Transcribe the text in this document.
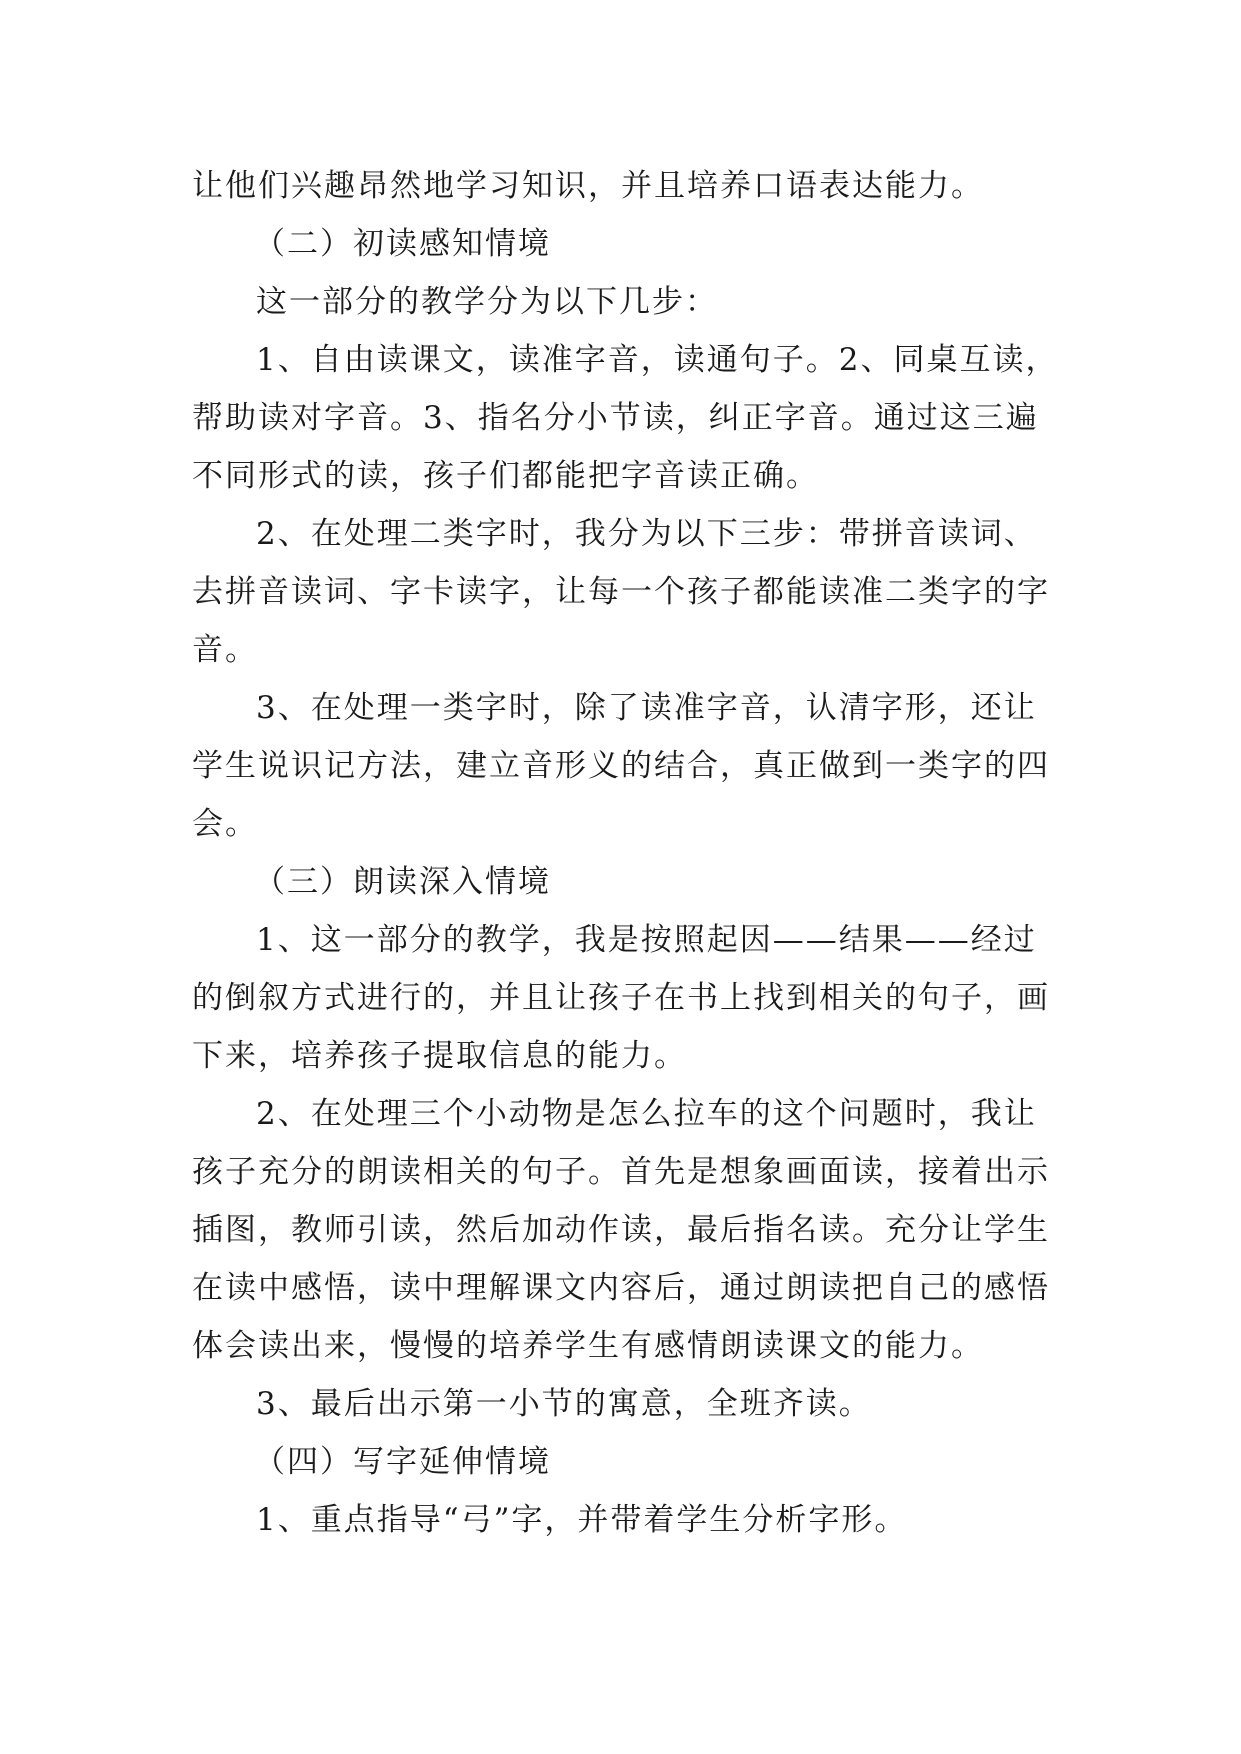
让他们兴趣昂然地学习知识，并且培养口语表达能力。
（二）初读感知情境
这一部分的教学分为以下几步：
1、自由读课文，读准字音，读通句子。2、同桌互读，
帮助读对字音。3、指名分小节读，纠正字音。通过这三遍
不同形式的读，孩子们都能把字音读正确。
2、在处理二类字时，我分为以下三步：带拼音读词、
去拼音读词、字卡读字，让每一个孩子都能读准二类字的字
音。
3、在处理一类字时，除了读准字音，认清字形，还让
学生说识记方法，建立音形义的结合，真正做到一类字的四
会。
（三）朗读深入情境
1、这一部分的教学，我是按照起因——结果——经过
的倒叙方式进行的，并且让孩子在书上找到相关的句子，画
下来，培养孩子提取信息的能力。
2、在处理三个小动物是怎么拉车的这个问题时，我让
孩子充分的朗读相关的句子。首先是想象画面读，接着出示
插图，教师引读，然后加动作读，最后指名读。充分让学生
在读中感悟，读中理解课文内容后，通过朗读把自己的感悟
体会读出来，慢慢的培养学生有感情朗读课文的能力。
3、最后出示第一小节的寓意，全班齐读。
（四）写字延伸情境
1、重点指导“弓”字，并带着学生分析字形。
